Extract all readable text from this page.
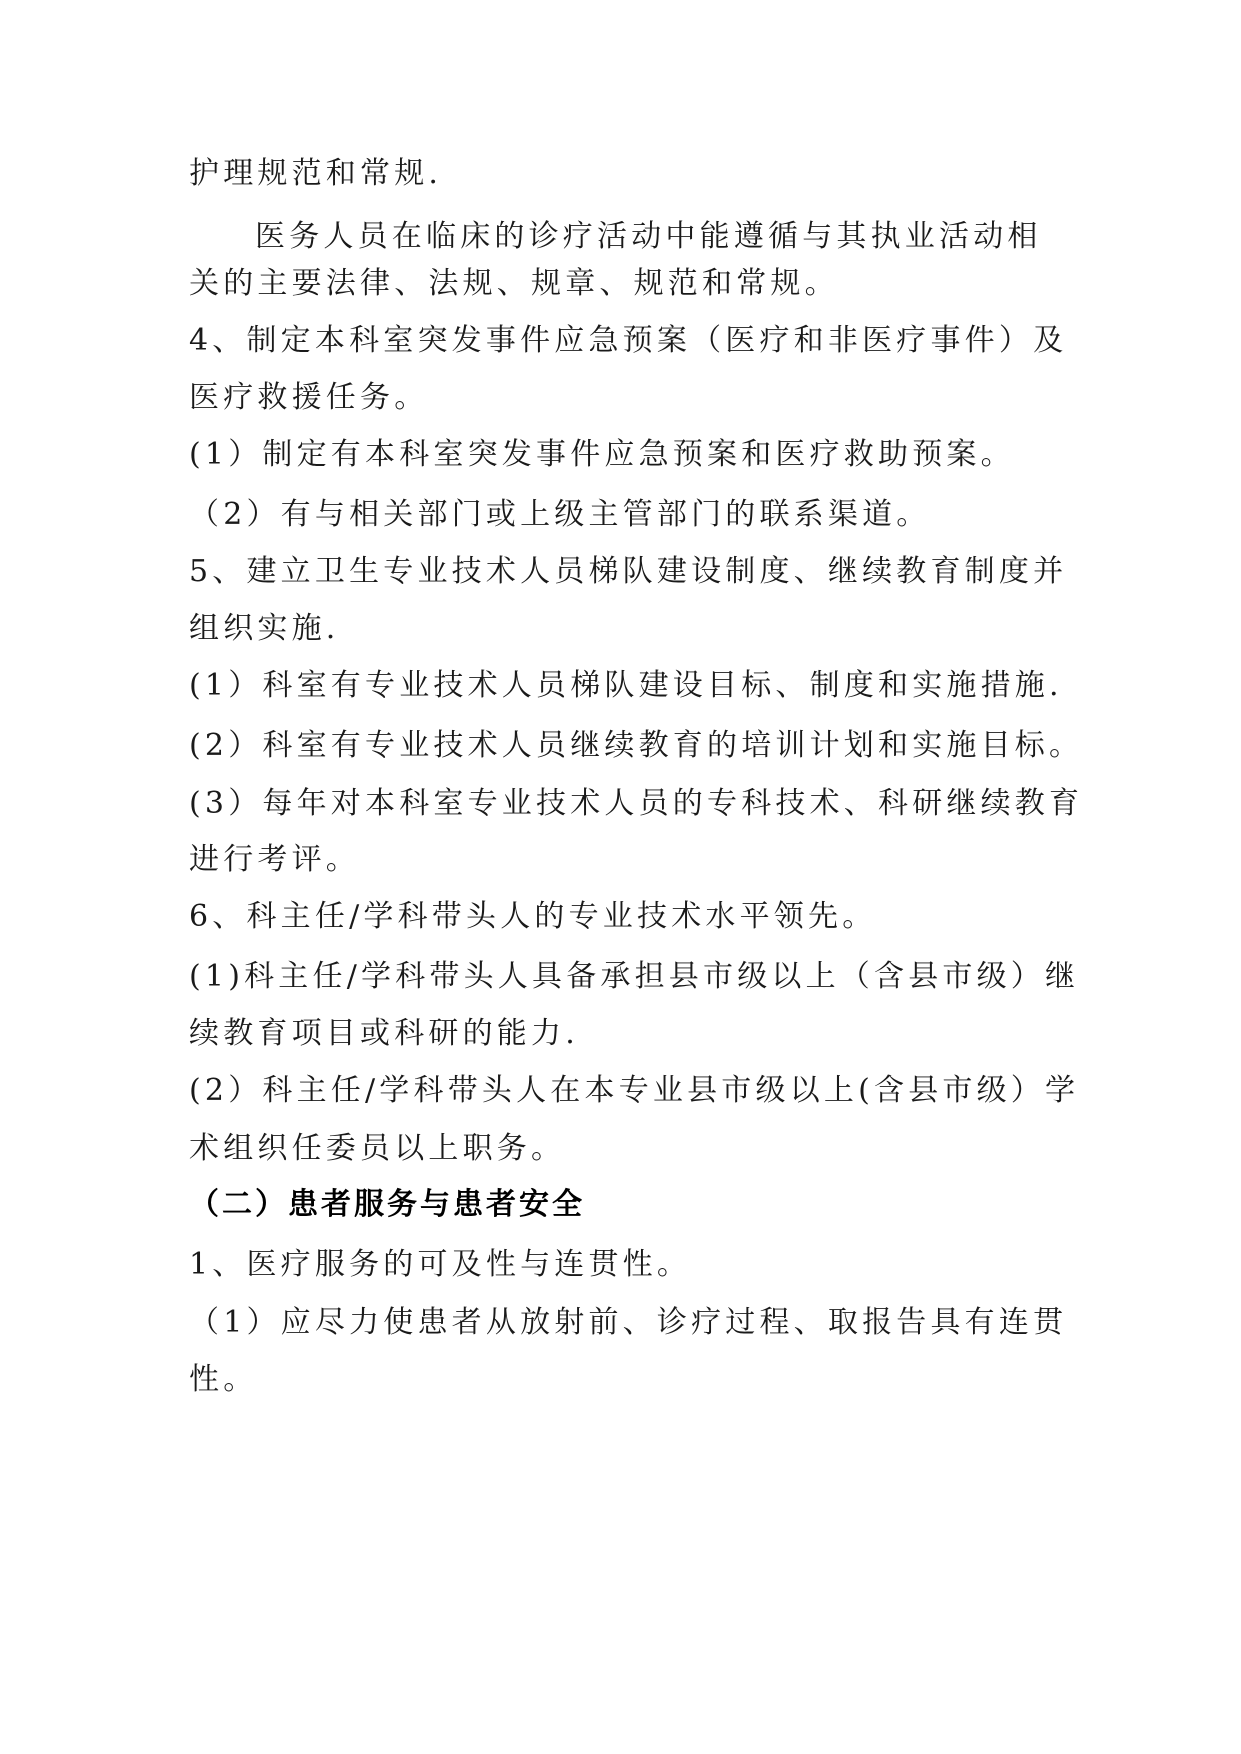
护理规范和常规.

医务人员在临床的诊疗活动中能遵循与其执业活动相

关的主要法律、法规、规章、规范和常规。

4、制定本科室突发事件应急预案（医疗和非医疗事件）及

医疗救援任务。

(1）制定有本科室突发事件应急预案和医疗救助预案。

（2）有与相关部门或上级主管部门的联系渠道。

5、建立卫生专业技术人员梯队建设制度、继续教育制度并

组织实施.

(1）科室有专业技术人员梯队建设目标、制度和实施措施.

(2）科室有专业技术人员继续教育的培训计划和实施目标。

(3）每年对本科室专业技术人员的专科技术、科研继续教育

进行考评。

6、科主任/学科带头人的专业技术水平领先。

(1)科主任/学科带头人具备承担县市级以上（含县市级）继

续教育项目或科研的能力.

(2）科主任/学科带头人在本专业县市级以上(含县市级）学

术组织任委员以上职务。

（二）患者服务与患者安全

1、医疗服务的可及性与连贯性。

（1）应尽力使患者从放射前、诊疗过程、取报告具有连贯

性。
